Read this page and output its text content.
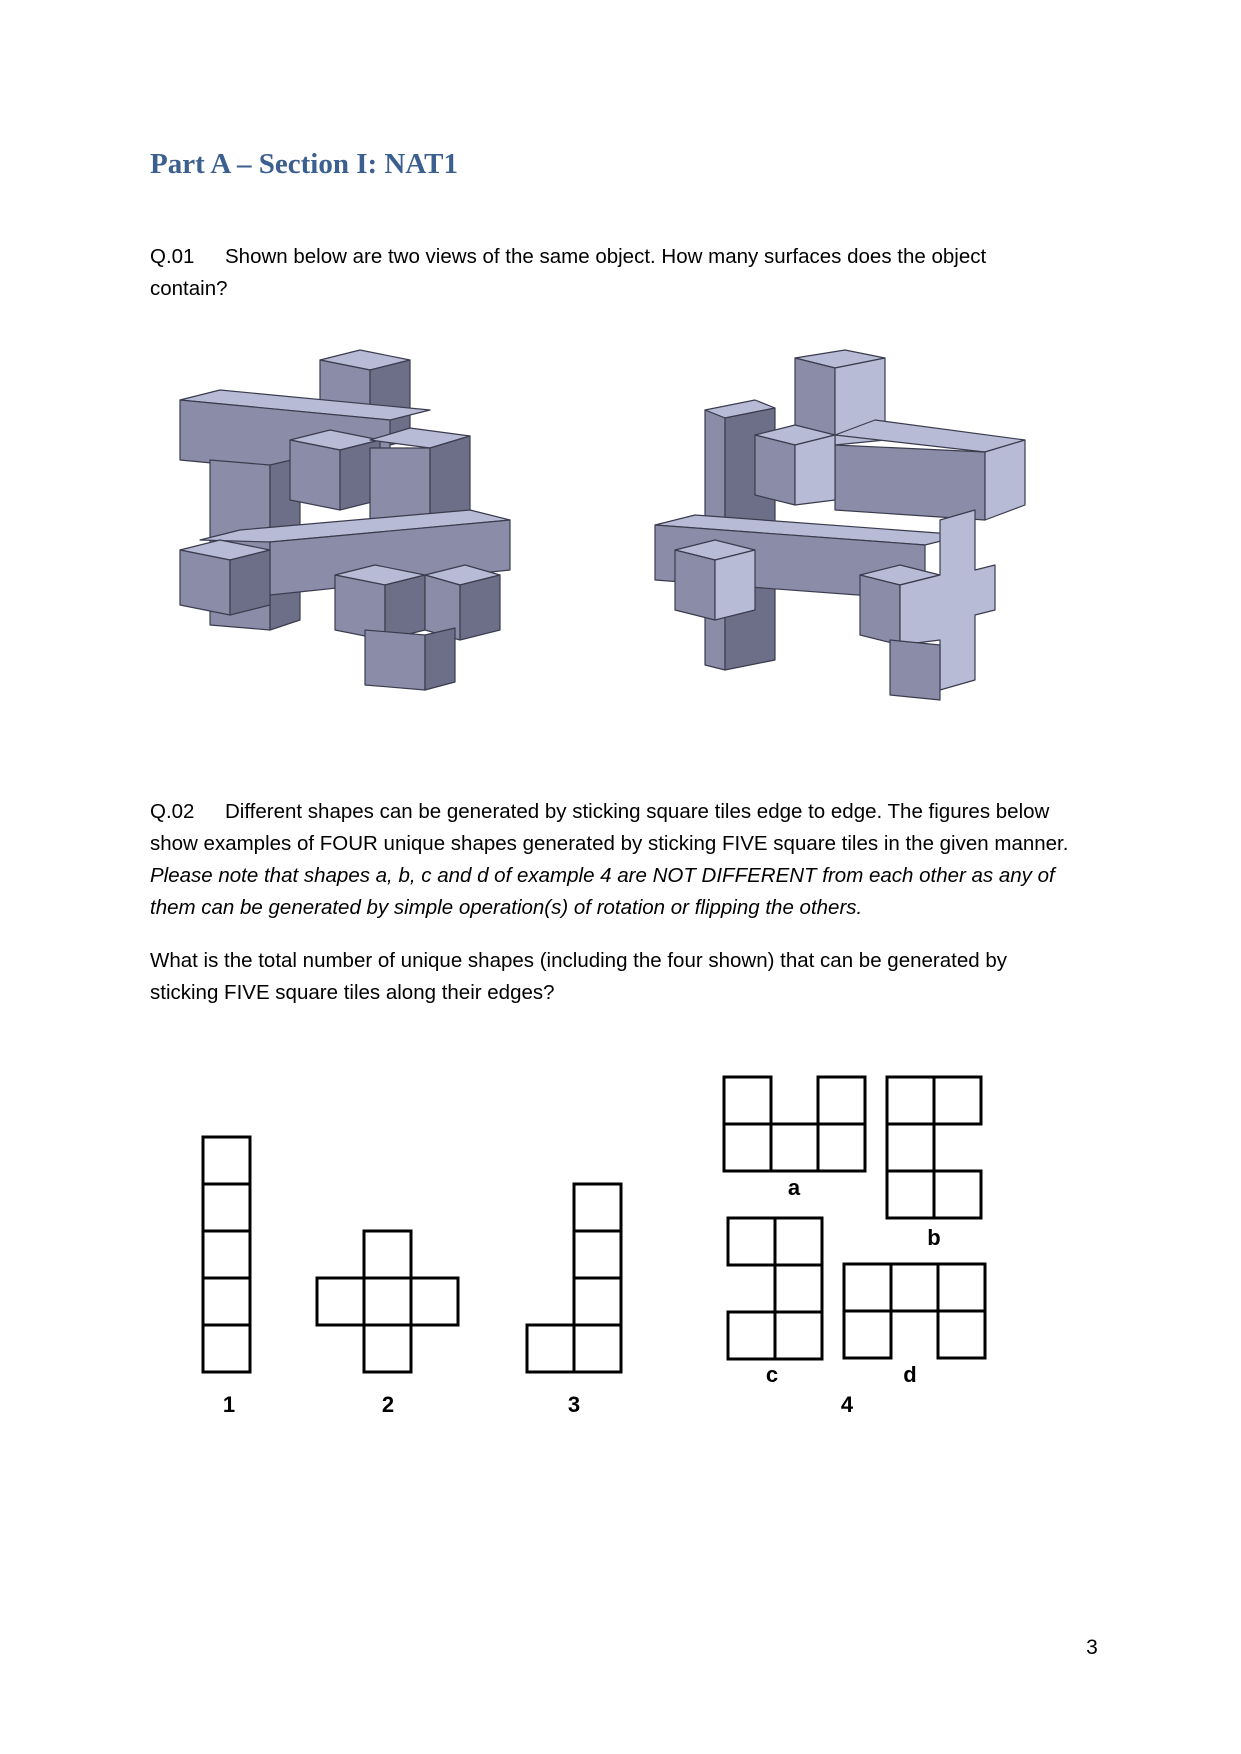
Part A – Section I: NAT1

Q.01 Shown below are two views of the same object. How many surfaces does the object
contain?

Q.02 Different shapes can be generated by sticking square tiles edge to edge. The figures below
show examples of FOUR unique shapes generated by sticking FIVE square tiles in the given manner.
Please note that shapes a, b, c and d of example 4 are NOT DIFFERENT from each other as any of
them can be generated by simple operation(s) of rotation or flipping the others.

What is the total number of unique shapes (including the four shown) that can be generated by
sticking FIVE square tiles along their edges?

1	2	3	4
a
b
c	d
3
